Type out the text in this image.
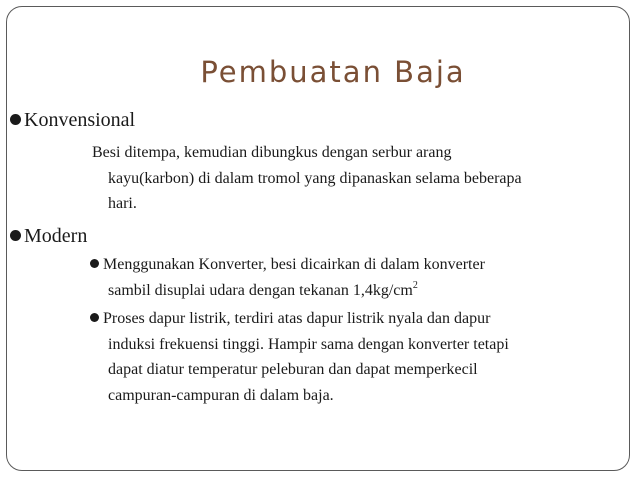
Pembuatan Baja
Konvensional
Besi ditempa, kemudian dibungkus dengan serbur arang
kayu(karbon) di dalam tromol yang dipanaskan selama beberapa
hari.
Modern
Menggunakan Konverter, besi dicairkan di dalam konverter
sambil disuplai udara dengan tekanan $1,4kg/cm^2$
Proses dapur listrik, terdiri atas dapur listrik nyala dan dapur
induksi frekuensi tinggi. Hampir sama dengan konverter tetapi
dapat diatur temperatur peleburan dan dapat memperkecil
campuran-campuran di dalam baja.
